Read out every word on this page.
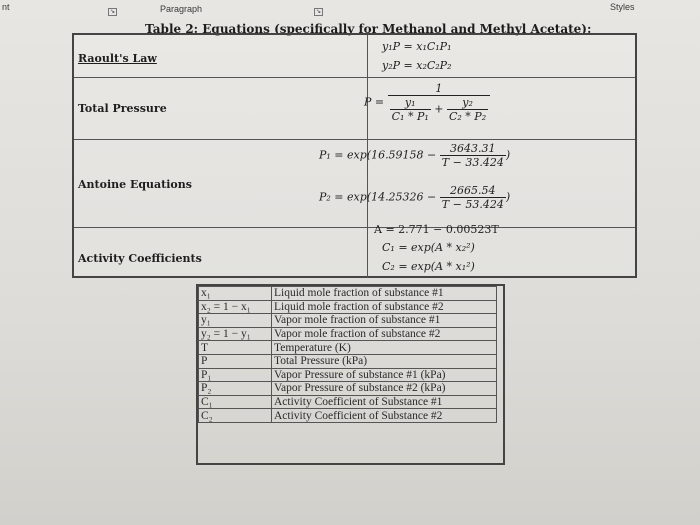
nt	↘	Paragraph	↘	Styles
Table 2: Equations (specifically for Methanol and Methyl Acetate):
Raoult's Law
y₁P = x₁C₁P₁
y₂P = x₂C₂P₂
Total Pressure	P =
1
$\frac{\text{y₁}}{\text{C₁ * P₁}} + \frac{\text{y₂}}{\text{C₂ * P₂}}$
Antoine Equations
$P_1 = \exp(16.59158 - \frac{3643.31}{T - 33.424}$ )
$P_2 = \exp(14.25326 - \frac{2665.54}{T - 53.424}$ )
Activity Coefficients
A = 2.771 − 0.00523T
C₁ = exp(A * x₂²)
C₂ = exp(A * x₁²)
x₁	Liquid mole fraction of substance #1
x₂ = 1 − x₁	Liquid mole fraction of substance #2
y₁	Vapor mole fraction of substance #1
y₂ = 1 − y₁	Vapor mole fraction of substance #2
T	Temperature (K)
P	Total Pressure (kPa)
P₁	Vapor Pressure of substance #1 (kPa)
P₂	Vapor Pressure of substance #2 (kPa)
C₁	Activity Coefficient of Substance #1
C₂	Activity Coefficient of Substance #2
